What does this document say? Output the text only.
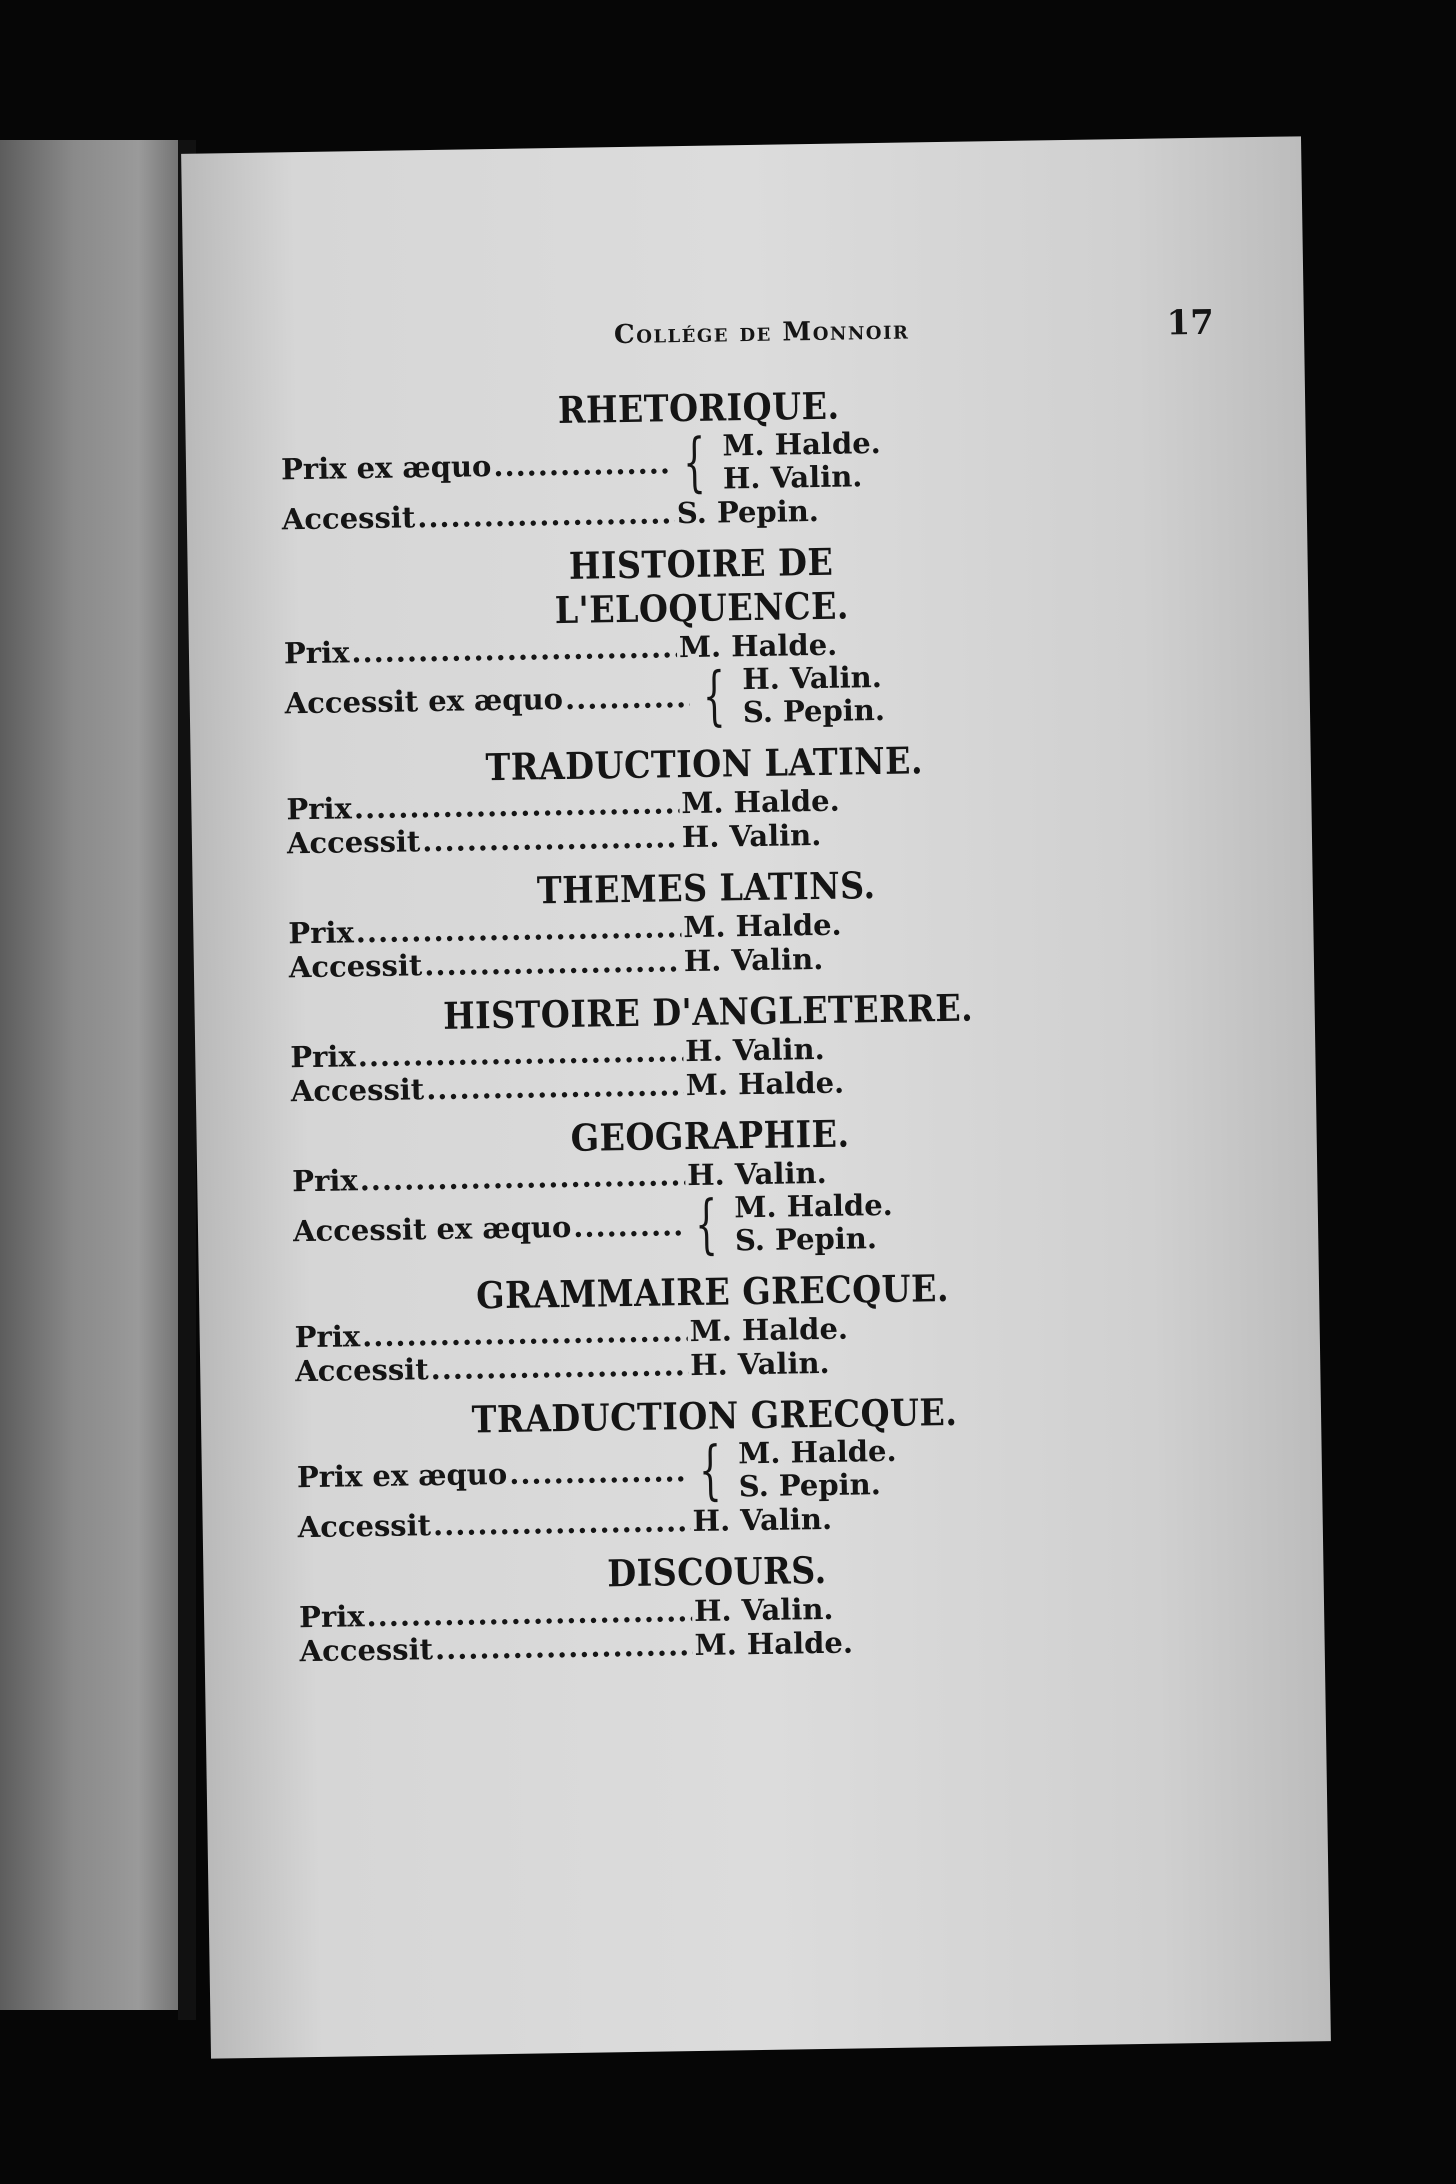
Collége de Monnoir	17
RHETORIQUE.
Prix ex æquo .....	{ M. Halde.
H. Valin.
Accessit .....	S. Pepin.
HISTOIRE DE L'ELOQUENCE.
Prix .....	M. Halde.
Accessit ex æquo ..... { H. Valin.
S. Pepin.
TRADUCTION LATINE.
Prix .....	M. Halde.
Accessit .....	H. Valin.
THEMES LATINS.
Prix .....	M. Halde.
Accessit .....	H. Valin.
HISTOIRE D'ANGLETERRE.
Prix .....	H. Valin.
Accessit .....	M. Halde.
GEOGRAPHIE.
Prix .....	H. Valin.
Accessit ex æquo ..... { M. Halde.
S. Pepin.
GRAMMAIRE GRECQUE.
Prix .....	M. Halde.
Accessit .....	H. Valin.
TRADUCTION GRECQUE.
Prix ex æquo .....	{ M. Halde.
S. Pepin.
Accessit .....	H. Valin.
DISCOURS.
Prix .....	H. Valin.
Accessit .....	M. Halde.
